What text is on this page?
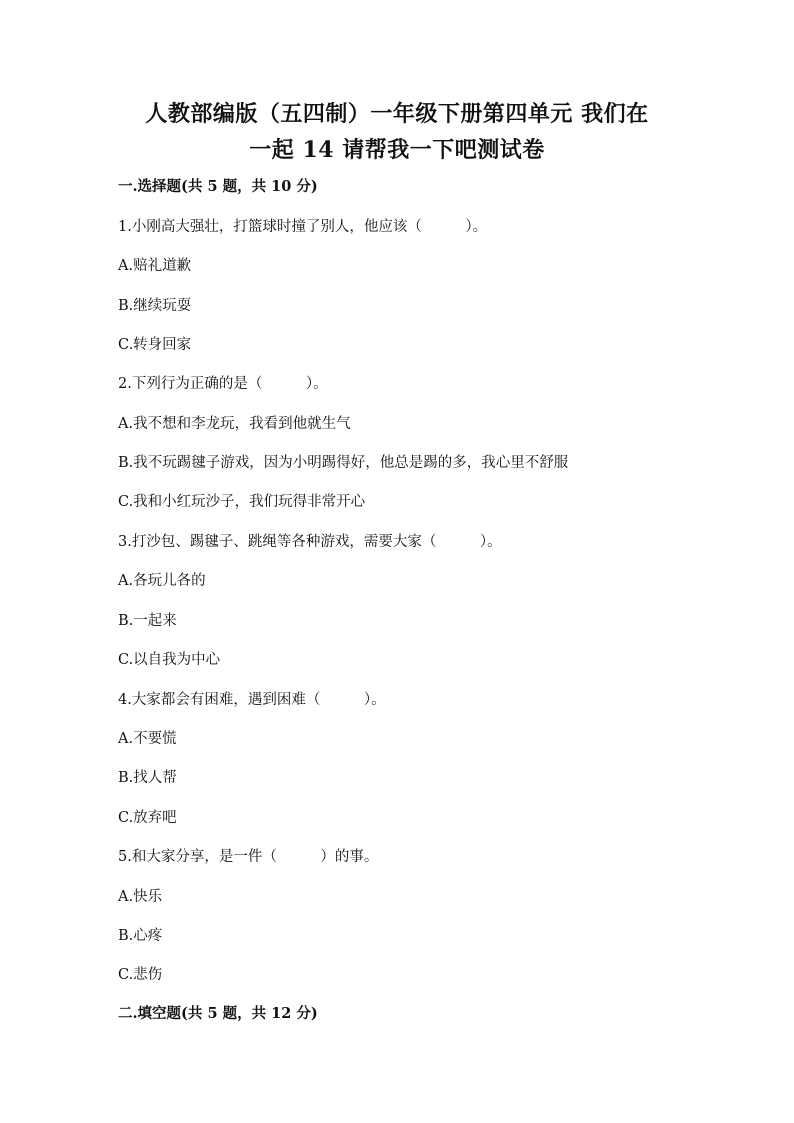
人教部编版（五四制）一年级下册第四单元 我们在
一起 14 请帮我一下吧测试卷
一.选择题(共 5 题，共 10 分)
1.小刚高大强壮，打篮球时撞了别人，他应该（　　　）。
A.赔礼道歉
B.继续玩耍
C.转身回家
2.下列行为正确的是（　　　）。
A.我不想和李龙玩，我看到他就生气
B.我不玩踢毽子游戏，因为小明踢得好，他总是踢的多，我心里不舒服
C.我和小红玩沙子，我们玩得非常开心
3.打沙包、踢毽子、跳绳等各种游戏，需要大家（　　　）。
A.各玩儿各的
B.一起来
C.以自我为中心
4.大家都会有困难，遇到困难（　　　）。
A.不要慌
B.找人帮
C.放弃吧
5.和大家分享，是一件（　　　）的事。
A.快乐
B.心疼
C.悲伤
二.填空题(共 5 题，共 12 分)
